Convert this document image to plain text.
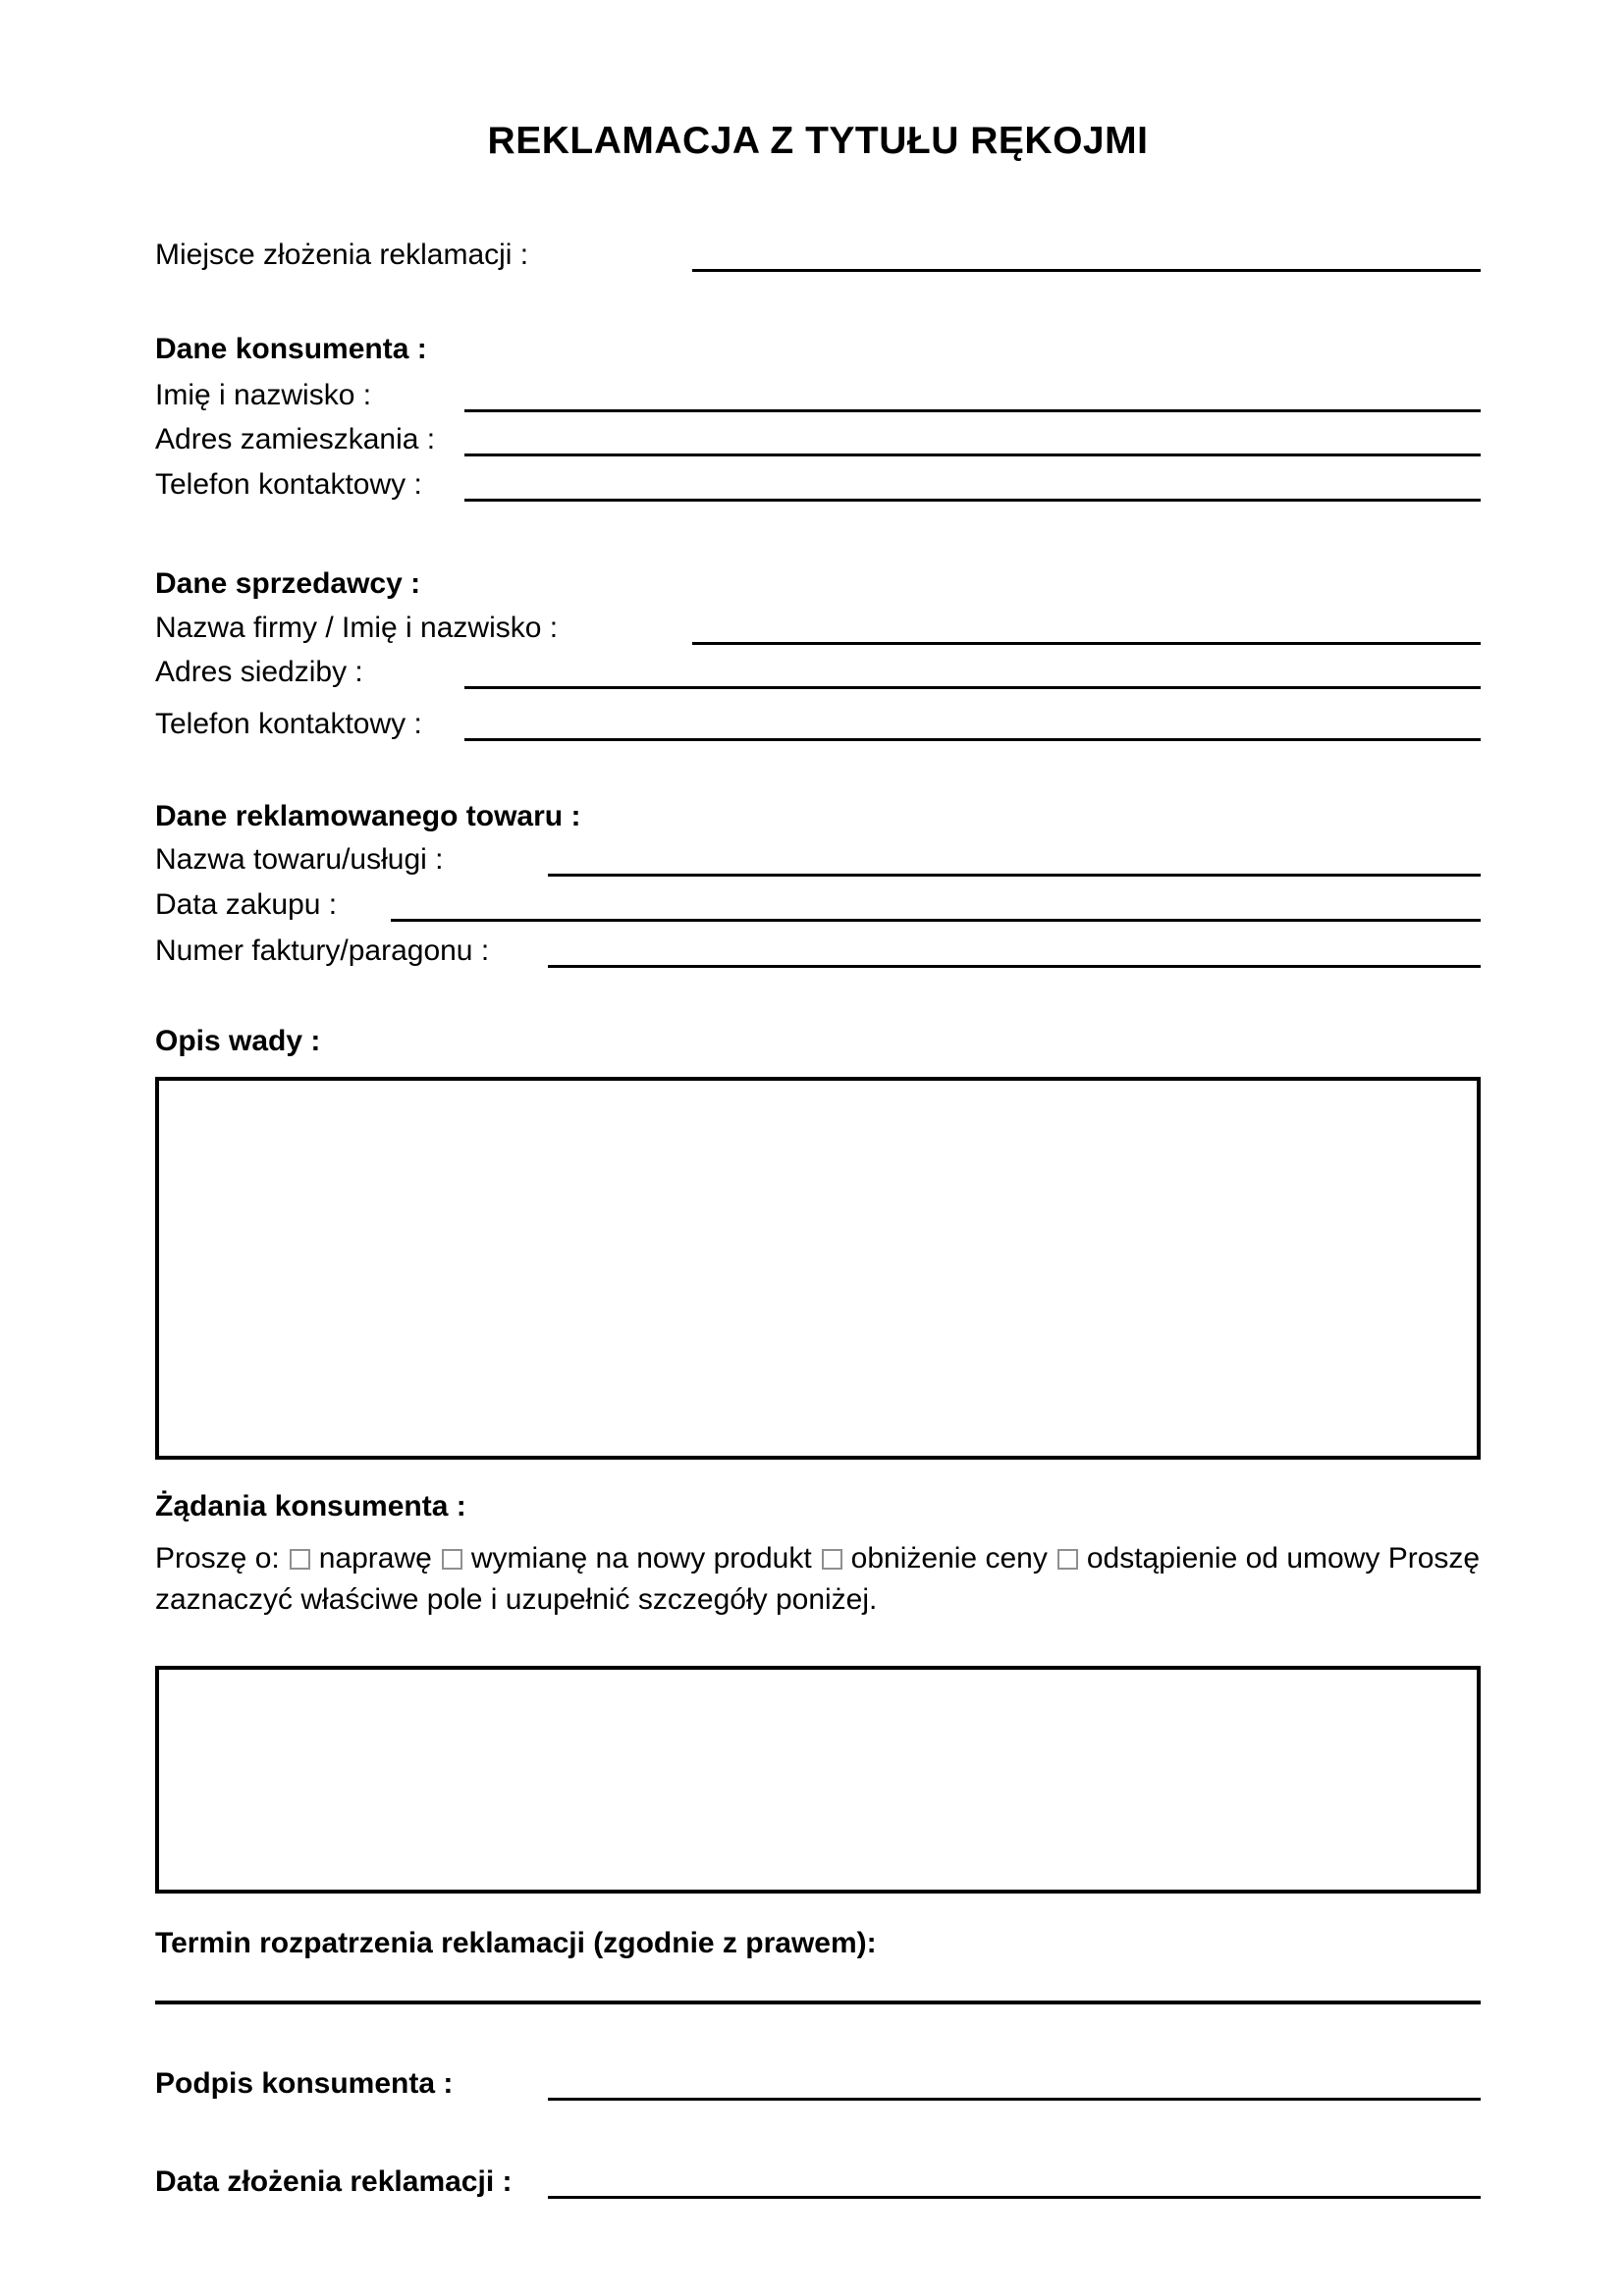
REKLAMACJA Z TYTUŁU RĘKOJMI
Miejsce złożenia reklamacji :
Dane konsumenta :
Imię i nazwisko :
Adres zamieszkania :
Telefon kontaktowy :
Dane sprzedawcy :
Nazwa firmy / Imię i nazwisko :
Adres siedziby :
Telefon kontaktowy :
Dane reklamowanego towaru :
Nazwa towaru/usługi :
Data zakupu :
Numer faktury/paragonu :
Opis wady :
Żądania konsumenta :

Proszę o: naprawę wymianę na nowy produkt obniżenie ceny odstąpienie od umowy Proszę zaznaczyć właściwe pole i uzupełnić szczegóły poniżej.

Termin rozpatrzenia reklamacji (zgodnie z prawem):
Podpis konsumenta :
Data złożenia reklamacji :
